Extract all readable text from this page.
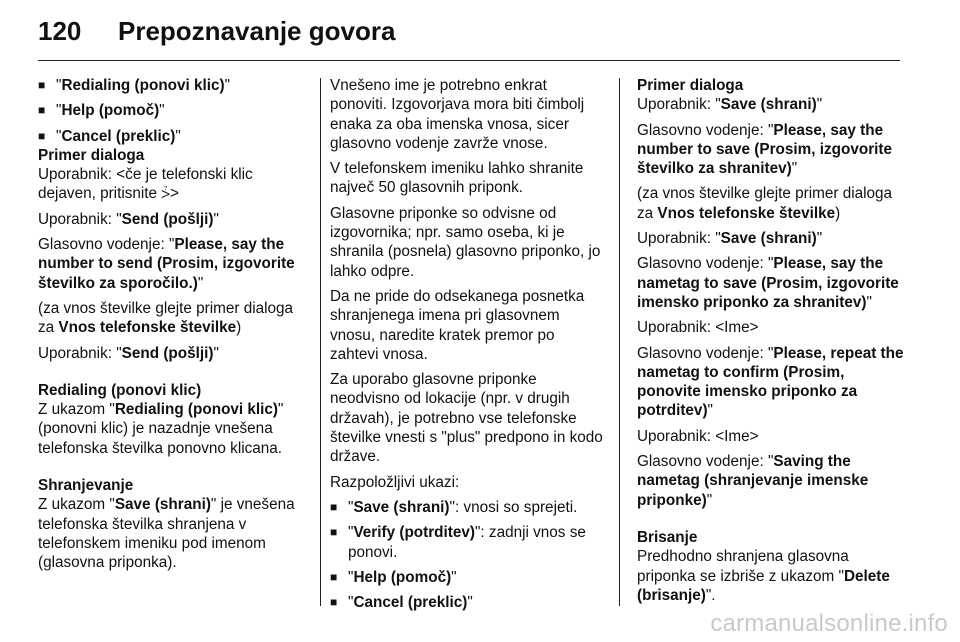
120 Prepoznavanje govora
■ "Redialing (ponovi klic)"
■ "Help (pomoč)"
■ "Cancel (preklic)"

Primer dialoga

Uporabnik: <če je telefonski klic dejaven, pritisnite ⩼>

Uporabnik: "Send (pošlji)"

Glasovno vodenje: "Please, say the number to send (Prosim, izgovorite številko za sporočilo.)"

(za vnos številke glejte primer dialoga za Vnos telefonske številke)

Uporabnik: "Send (pošlji)"

Redialing (ponovi klic)

Z ukazom "Redialing (ponovi klic)" (ponovni klic) je nazadnje vnešena telefonska številka ponovno klicana.

Shranjevanje

Z ukazom "Save (shrani)" je vnešena telefonska številka shranjena v telefonskem imeniku pod imenom (glasovna priponka).

Vnešeno ime je potrebno enkrat ponoviti. Izgovorjava mora biti čimbolj enaka za oba imenska vnosa, sicer glasovno vodenje zavrže vnose.

V telefonskem imeniku lahko shranite največ 50 glasovnih priponk.

Glasovne priponke so odvisne od izgovornika; npr. samo oseba, ki je shranila (posnela) glasovno priponko, jo lahko odpre.

Da ne pride do odsekanega posnetka shranjenega imena pri glasovnem vnosu, naredite kratek premor po zahtevi vnosa.

Za uporabo glasovne priponke neodvisno od lokacije (npr. v drugih državah), je potrebno vse telefonske številke vnesti s "plus" predpono in kodo države.

Razpoložljivi ukazi:

■ "Save (shrani)": vnosi so sprejeti.
■ "Verify (potrditev)": zadnji vnos se ponovi.
■ "Help (pomoč)"
■ "Cancel (preklic)"

Primer dialoga

Uporabnik: "Save (shrani)"

Glasovno vodenje: "Please, say the number to save (Prosim, izgovorite številko za shranitev)"

(za vnos številke glejte primer dialoga za Vnos telefonske številke)

Uporabnik: "Save (shrani)"

Glasovno vodenje: "Please, say the nametag to save (Prosim, izgovorite imensko priponko za shranitev)"

Uporabnik: <Ime>

Glasovno vodenje: "Please, repeat the nametag to confirm (Prosim, ponovite imensko priponko za potrditev)"

Uporabnik: <Ime>

Glasovno vodenje: "Saving the nametag (shranjevanje imenske priponke)"

Brisanje

Predhodno shranjena glasovna priponka se izbriše z ukazom "Delete (brisanje)".

carmanualsonline.info
